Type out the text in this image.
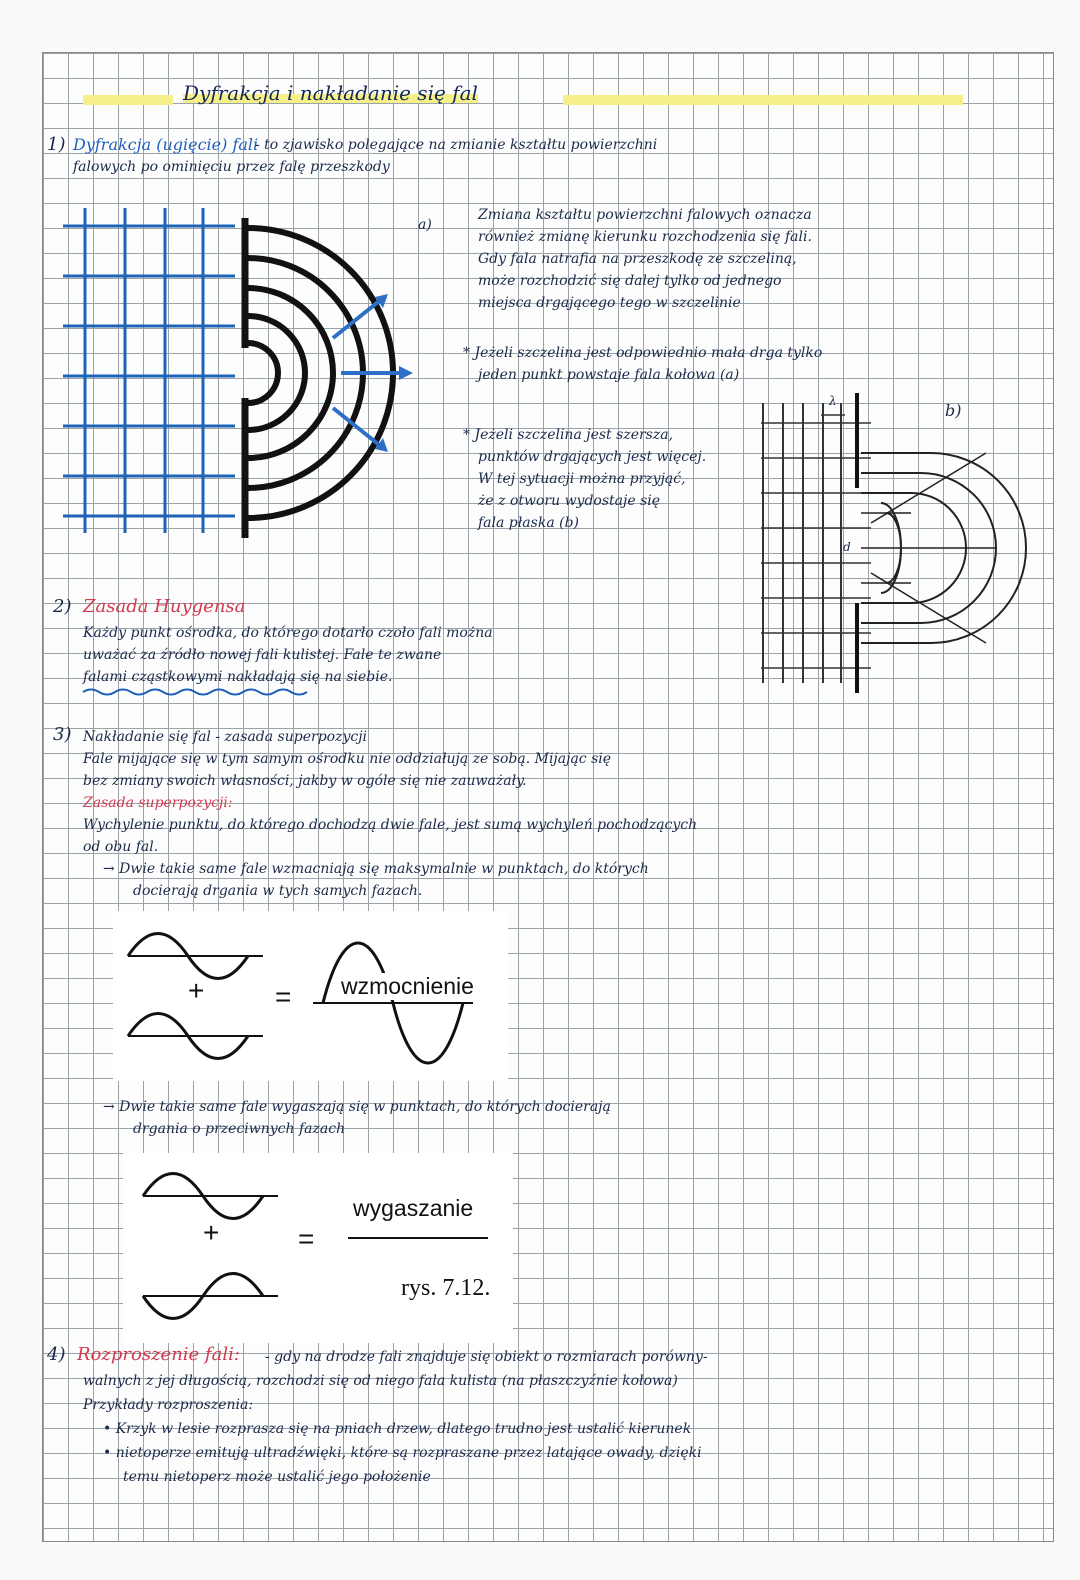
Dyfrakcja i nakładanie się fal
1) Dyfrakcja (ugięcie) fali
- to zjawisko polegające na zmianie kształtu powierzchni
falowych po ominięciu przez falę przeszkody
a)
Zmiana kształtu powierzchni falowych oznacza
również zmianę kierunku rozchodzenia się fali.
Gdy fala natrafia na przeszkodę ze szczeliną,
może rozchodzić się dalej tylko od jednego
miejsca drgającego tego w szczelinie
* Jeżeli szczelina jest odpowiednio mała drga tylko
jeden punkt powstaje fala kołowa (a)
* Jeżeli szczelina jest szersza,
punktów drgających jest więcej.
W tej sytuacji można przyjąć,
że z otworu wydostaje się
fala płaska (b)
λ
d
b)
2) Zasada Huygensa
Każdy punkt ośrodka, do którego dotarło czoło fali można
uważać za źródło nowej fali kulistej. Fale te zwane
falami cząstkowymi nakładają się na siebie.
3) Nakładanie się fal - zasada superpozycji
Fale mijające się w tym samym ośrodku nie oddziałują ze sobą. Mijając się
bez zmiany swoich własności, jakby w ogóle się nie zauważały.
Zasada superpozycji:
Wychylenie punktu, do którego dochodzą dwie fale, jest sumą wychyleń pochodzących
od obu fal.
→ Dwie takie same fale wzmacniają się maksymalnie w punktach, do których
docierają drgania w tych samych fazach.
+	= wzmocnienie
→ Dwie takie same fale wygaszają się w punktach, do których docierają
drgania o przeciwnych fazach
+	=
wygaszanie
rys. 7.12.
4) Rozproszenie fali: - gdy na drodze fali znajduje się obiekt o rozmiarach porówny-
walnych z jej długością, rozchodzi się od niego fala kulista (na płaszczyźnie kołowa)
Przykłady rozproszenia:
• Krzyk w lesie rozprasza się na pniach drzew, dlatego trudno jest ustalić kierunek
• nietoperze emitują ultradźwięki, które są rozpraszane przez latające owady, dzięki
temu nietoperz może ustalić jego położenie
